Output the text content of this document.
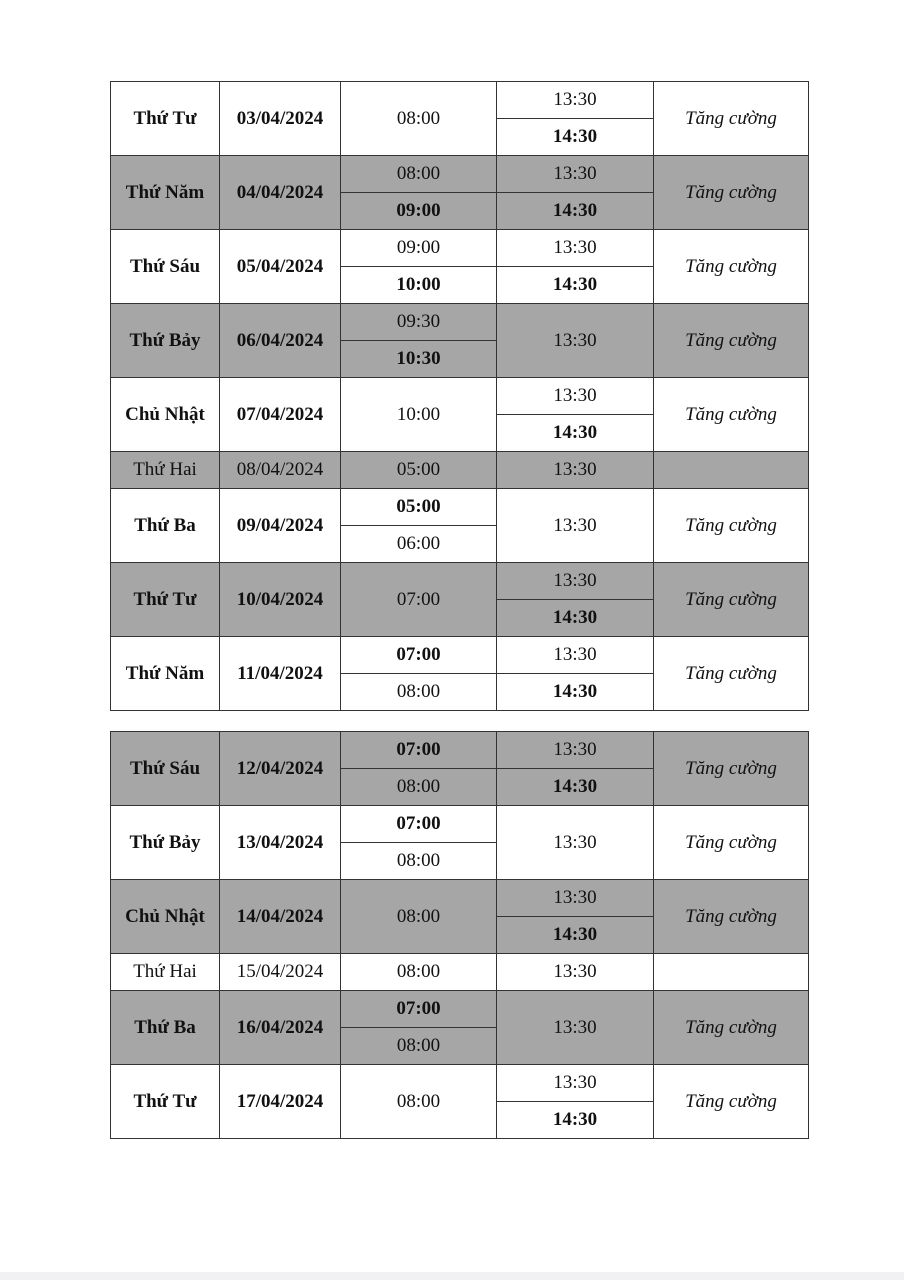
Thứ Tư	03/04/2024	08:00	13:30	Tăng cường
			14:30	
Thứ Năm	04/04/2024	08:00	13:30	Tăng cường
		09:00	14:30	
Thứ Sáu	05/04/2024	09:00	13:30	Tăng cường
		10:00	14:30	
Thứ Bảy	06/04/2024	09:30	13:30	Tăng cường
		10:30		
Chủ Nhật	07/04/2024	10:00	13:30	Tăng cường
			14:30	
Thứ Hai	08/04/2024	05:00	13:30	
Thứ Ba	09/04/2024	05:00	13:30	Tăng cường
		06:00		
Thứ Tư	10/04/2024	07:00	13:30	Tăng cường
			14:30	
Thứ Năm	11/04/2024	07:00	13:30	Tăng cường
		08:00	14:30	
Thứ Sáu	12/04/2024	07:00	13:30	Tăng cường
		08:00	14:30	
Thứ Bảy	13/04/2024	07:00	13:30	Tăng cường
		08:00		
Chủ Nhật	14/04/2024	08:00	13:30	Tăng cường
			14:30	
Thứ Hai	15/04/2024	08:00	13:30	
Thứ Ba	16/04/2024	07:00	13:30	Tăng cường
		08:00		
Thứ Tư	17/04/2024	08:00	13:30	Tăng cường
			14:30	
